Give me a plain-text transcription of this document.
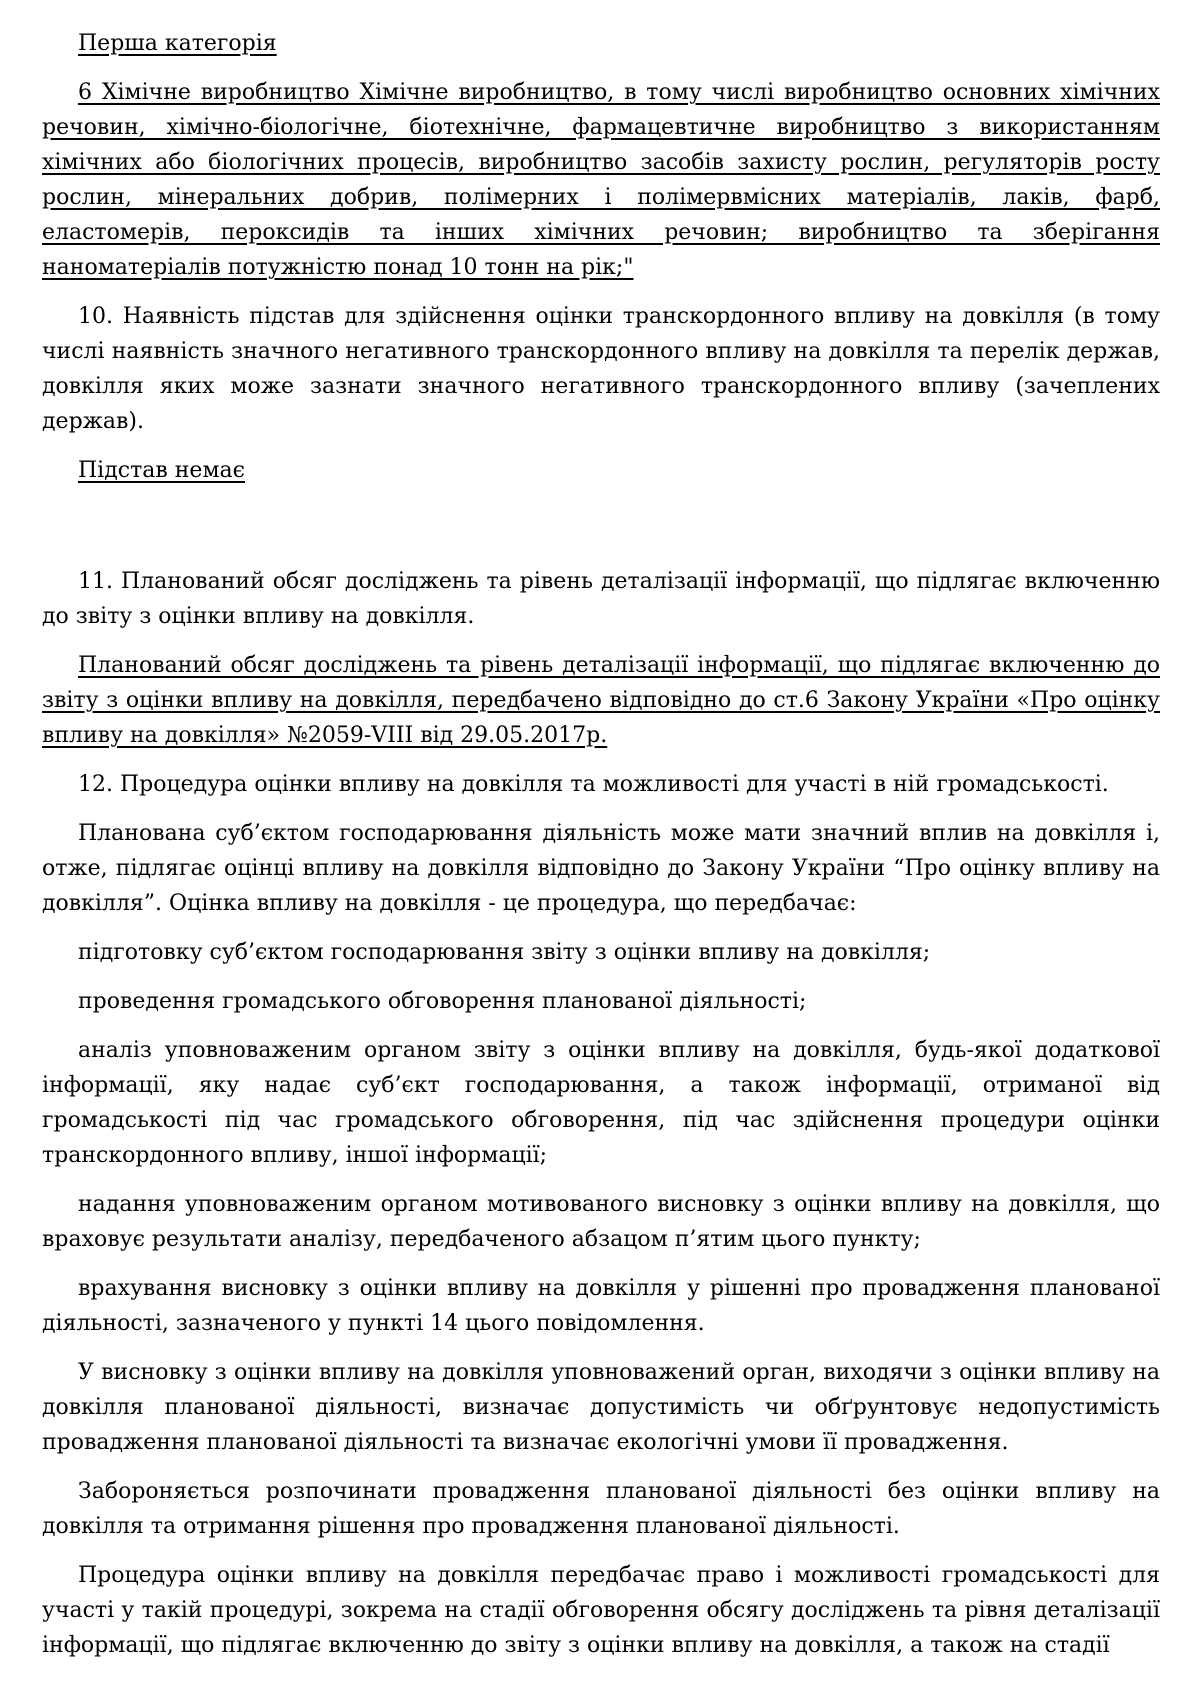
Перша категорія

6 Хімічне виробництво Хімічне виробництво, в тому числі виробництво основних хімічних речовин, хімічно-біологічне, біотехнічне, фармацевтичне виробництво з використанням хімічних або біологічних процесів, виробництво засобів захисту рослин, регуляторів росту рослин, мінеральних добрив, полімерних і полімервмісних матеріалів, лаків, фарб, еластомерів, пероксидів та інших хімічних речовин; виробництво та зберігання наноматеріалів потужністю понад 10 тонн на рік;"

10. Наявність підстав для здійснення оцінки транскордонного впливу на довкілля (в тому числі наявність значного негативного транскордонного впливу на довкілля та перелік держав, довкілля яких може зазнати значного негативного транскордонного впливу (зачеплених держав).

Підстав немає

11. Планований обсяг досліджень та рівень деталізації інформації, що підлягає включенню до звіту з оцінки впливу на довкілля.

Планований обсяг досліджень та рівень деталізації інформації, що підлягає включенню до звіту з оцінки впливу на довкілля, передбачено відповідно до ст.6 Закону України «Про оцінку впливу на довкілля» №2059-VIII від 29.05.2017р.

12. Процедура оцінки впливу на довкілля та можливості для участі в ній громадськості.

Планована суб’єктом господарювання діяльність може мати значний вплив на довкілля і, отже, підлягає оцінці впливу на довкілля відповідно до Закону України “Про оцінку впливу на довкілля”. Оцінка впливу на довкілля - це процедура, що передбачає:

підготовку суб’єктом господарювання звіту з оцінки впливу на довкілля;

проведення громадського обговорення планованої діяльності;

аналіз уповноваженим органом звіту з оцінки впливу на довкілля, будь-якої додаткової інформації, яку надає суб’єкт господарювання, а також інформації, отриманої від громадськості під час громадського обговорення, під час здійснення процедури оцінки транскордонного впливу, іншої інформації;

надання уповноваженим органом мотивованого висновку з оцінки впливу на довкілля, що враховує результати аналізу, передбаченого абзацом п’ятим цього пункту;

врахування висновку з оцінки впливу на довкілля у рішенні про провадження планованої діяльності, зазначеного у пункті 14 цього повідомлення.

У висновку з оцінки впливу на довкілля уповноважений орган, виходячи з оцінки впливу на довкілля планованої діяльності, визначає допустимість чи обґрунтовує недопустимість провадження планованої діяльності та визначає екологічні умови її провадження.

Забороняється розпочинати провадження планованої діяльності без оцінки впливу на довкілля та отримання рішення про провадження планованої діяльності.

Процедура оцінки впливу на довкілля передбачає право і можливості громадськості для участі у такій процедурі, зокрема на стадії обговорення обсягу досліджень та рівня деталізації інформації, що підлягає включенню до звіту з оцінки впливу на довкілля, а також на стадії
